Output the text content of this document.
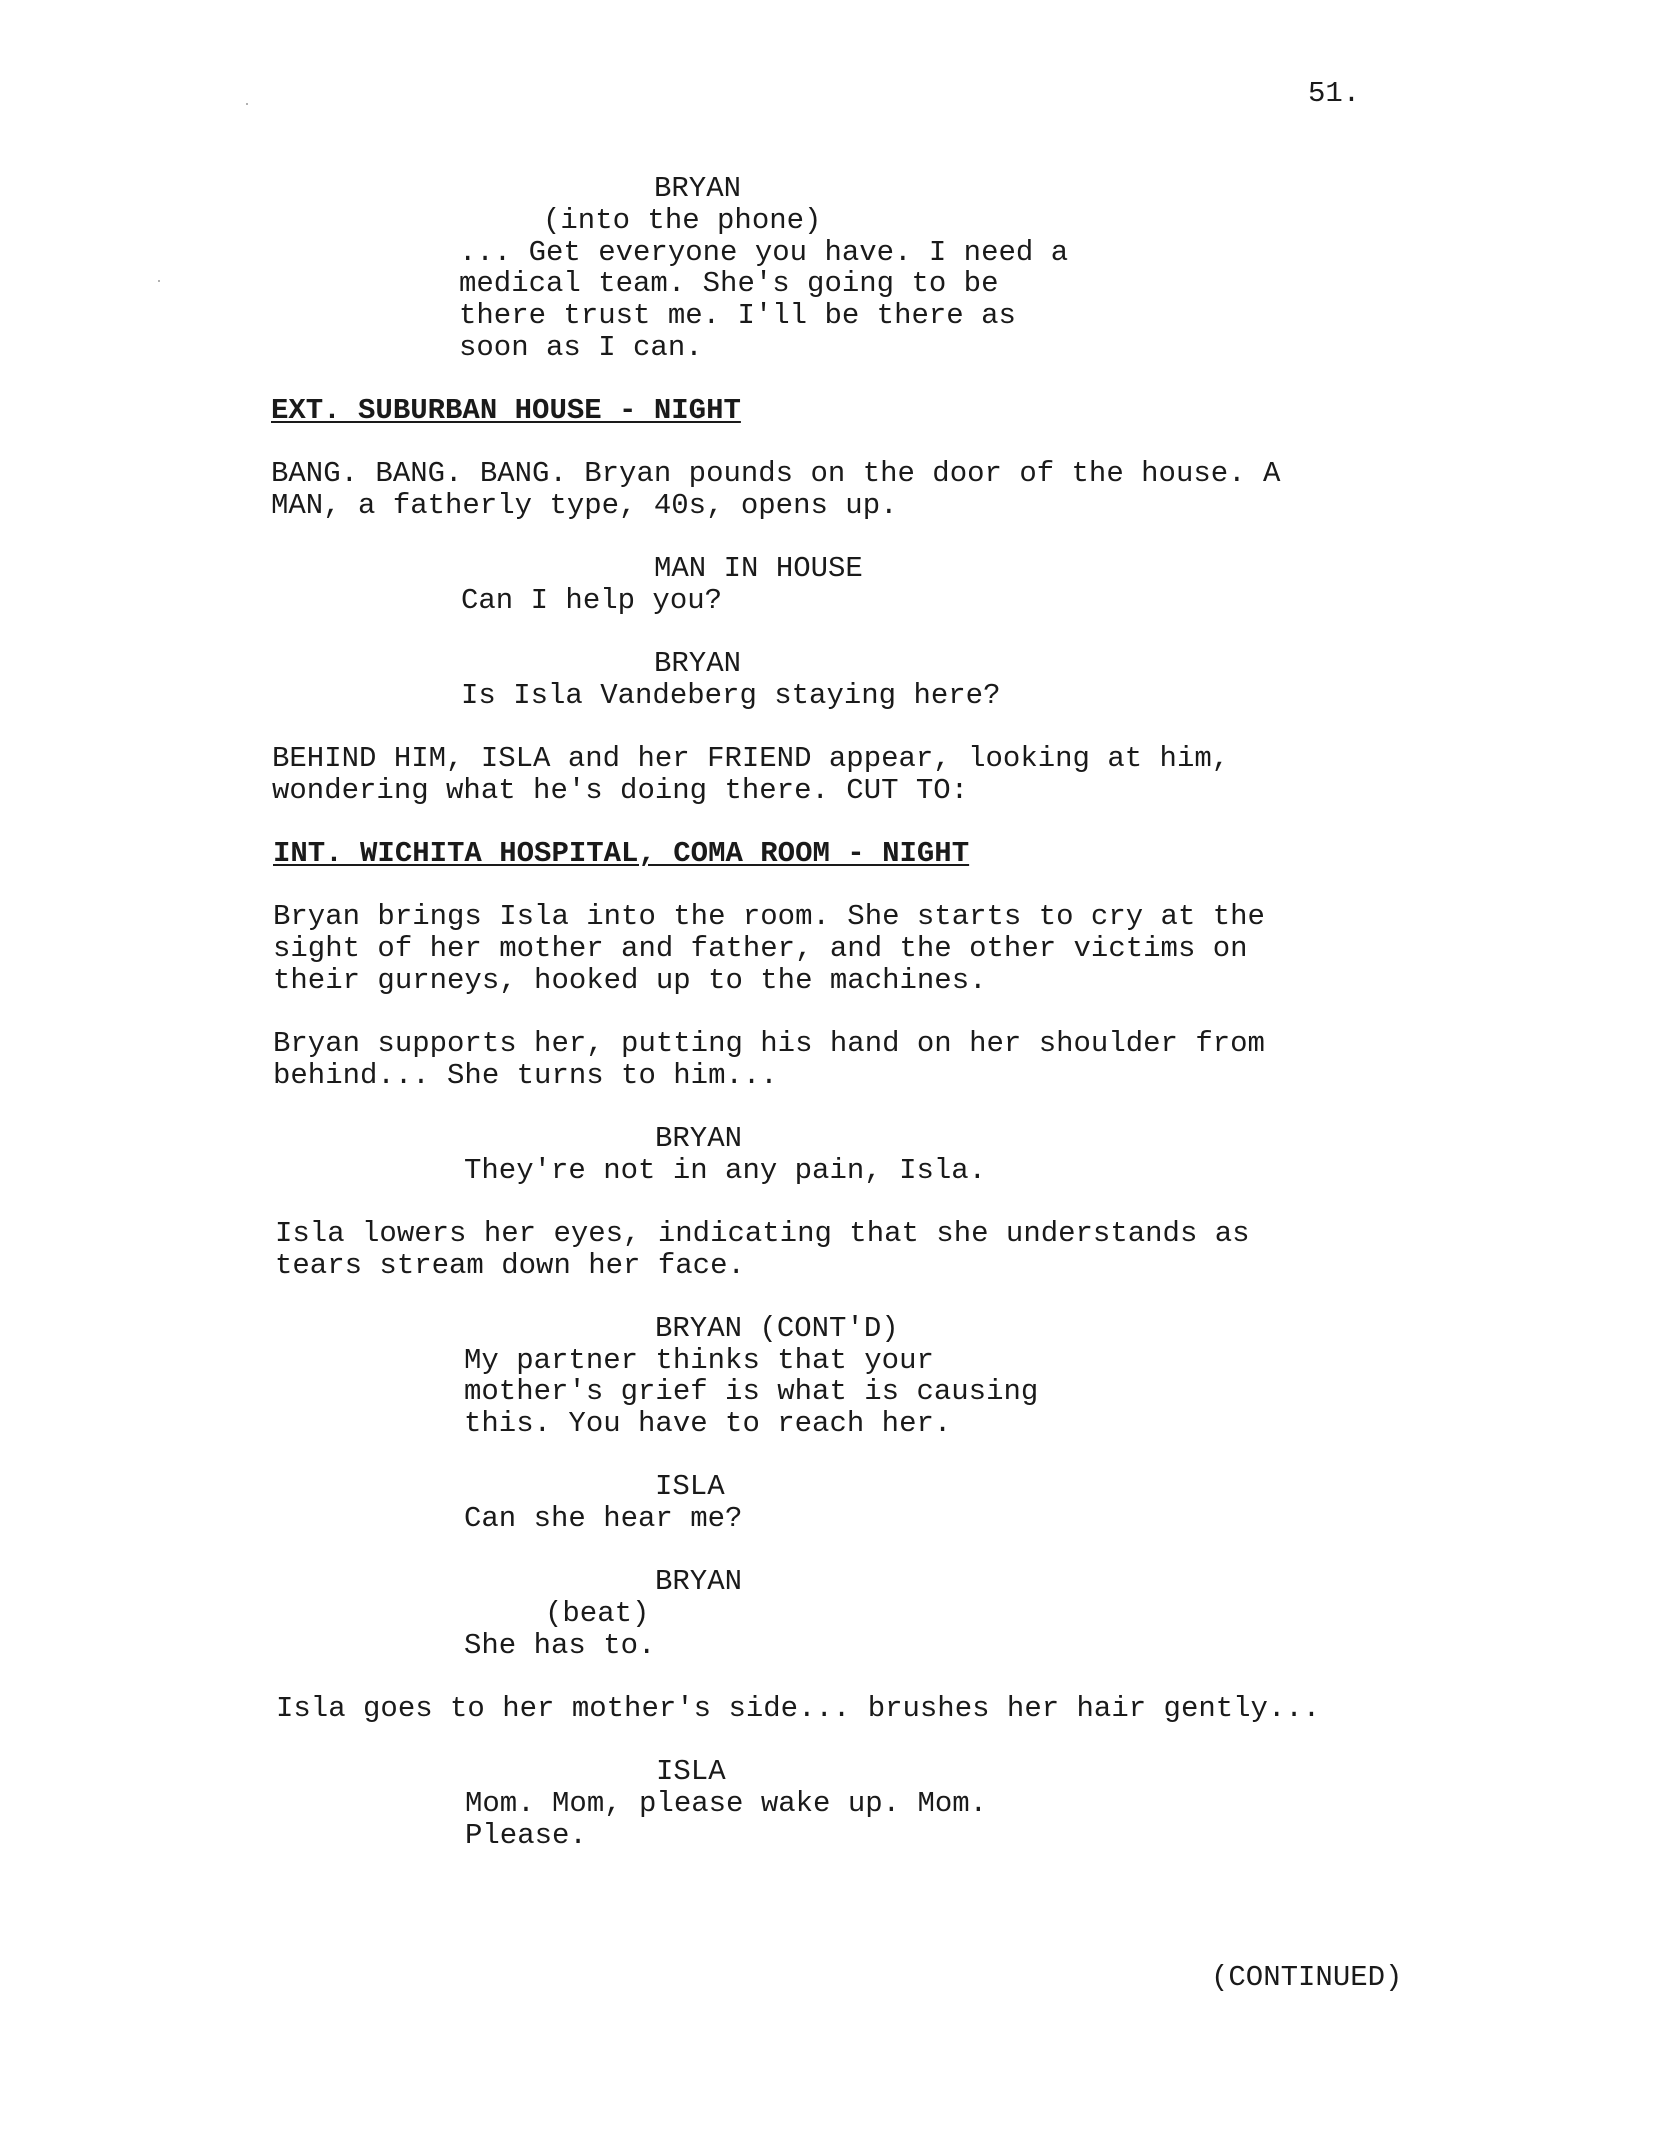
51.
BRYAN
(into the phone)
... Get everyone you have. I need a
medical team. She's going to be
there trust me. I'll be there as
soon as I can.
EXT. SUBURBAN HOUSE - NIGHT
BANG. BANG. BANG. Bryan pounds on the door of the house. A
MAN, a fatherly type, 40s, opens up.
MAN IN HOUSE
Can I help you?
BRYAN
Is Isla Vandeberg staying here?
BEHIND HIM, ISLA and her FRIEND appear, looking at him,
wondering what he's doing there. CUT TO:
INT. WICHITA HOSPITAL, COMA ROOM - NIGHT
Bryan brings Isla into the room. She starts to cry at the
sight of her mother and father, and the other victims on
their gurneys, hooked up to the machines.
Bryan supports her, putting his hand on her shoulder from
behind... She turns to him...
BRYAN
They're not in any pain, Isla.
Isla lowers her eyes, indicating that she understands as
tears stream down her face.
BRYAN (CONT'D)
My partner thinks that your
mother's grief is what is causing
this. You have to reach her.
ISLA
Can she hear me?
BRYAN
(beat)
She has to.
Isla goes to her mother's side... brushes her hair gently...
ISLA
Mom. Mom, please wake up. Mom.
Please.
(CONTINUED)
